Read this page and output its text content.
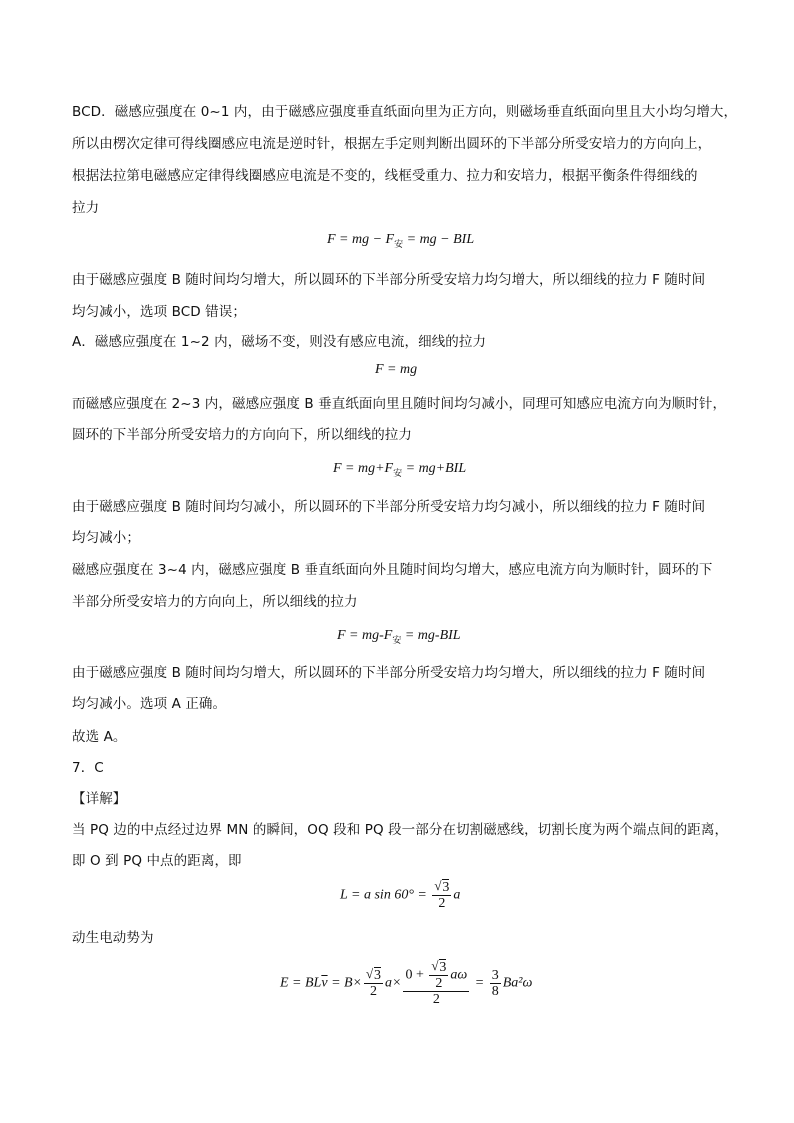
BCD．磁感应强度在 0~1 内，由于磁感应强度垂直纸面向里为正方向，则磁场垂直纸面向里且大小均匀增大，
所以由楞次定律可得线圈感应电流是逆时针，根据左手定则判断出圆环的下半部分所受安培力的方向向上，
根据法拉第电磁感应定律得线圈感应电流是不变的，线框受重力、拉力和安培力，根据平衡条件得细线的
拉力
F = mg − $F_安$ = mg − BIL
由于磁感应强度 B 随时间均匀增大，所以圆环的下半部分所受安培力均匀增大，所以细线的拉力 F 随时间
均匀减小，选项 BCD 错误；
A．磁感应强度在 1~2 内，磁场不变，则没有感应电流，细线的拉力
F = mg
而磁感应强度在 2~3 内，磁感应强度 B 垂直纸面向里且随时间均匀减小，同理可知感应电流方向为顺时针，
圆环的下半部分所受安培力的方向向下，所以细线的拉力
$F = mg+F_安 = mg+BIL$
由于磁感应强度 B 随时间均匀减小，所以圆环的下半部分所受安培力均匀减小，所以细线的拉力 F 随时间
均匀减小；
磁感应强度在 3~4 内，磁感应强度 B 垂直纸面向外且随时间均匀增大，感应电流方向为顺时针，圆环的下
半部分所受安培力的方向向上，所以细线的拉力
$F = mg-F_安 = mg-BIL$
由于磁感应强度 B 随时间均匀增大，所以圆环的下半部分所受安培力均匀增大，所以细线的拉力 F 随时间
均匀减小。选项 A 正确。
故选 A。
7．C
【详解】
当 PQ 边的中点经过边界 MN 的瞬间，OQ 段和 PQ 段一部分在切割磁感线，切割长度为两个端点间的距离，
即 O 到 PQ 中点的距离，即
L = a sin 60° = √ $\frac{3}{2}$ a
动生电动势为
$E = BL\overline{v} = B\times$ √ $\frac{3}{2} a\times \frac{0 + √ \frac{3}{2} a\omega}{2} = \frac{3}{8} Ba^2\omega$
